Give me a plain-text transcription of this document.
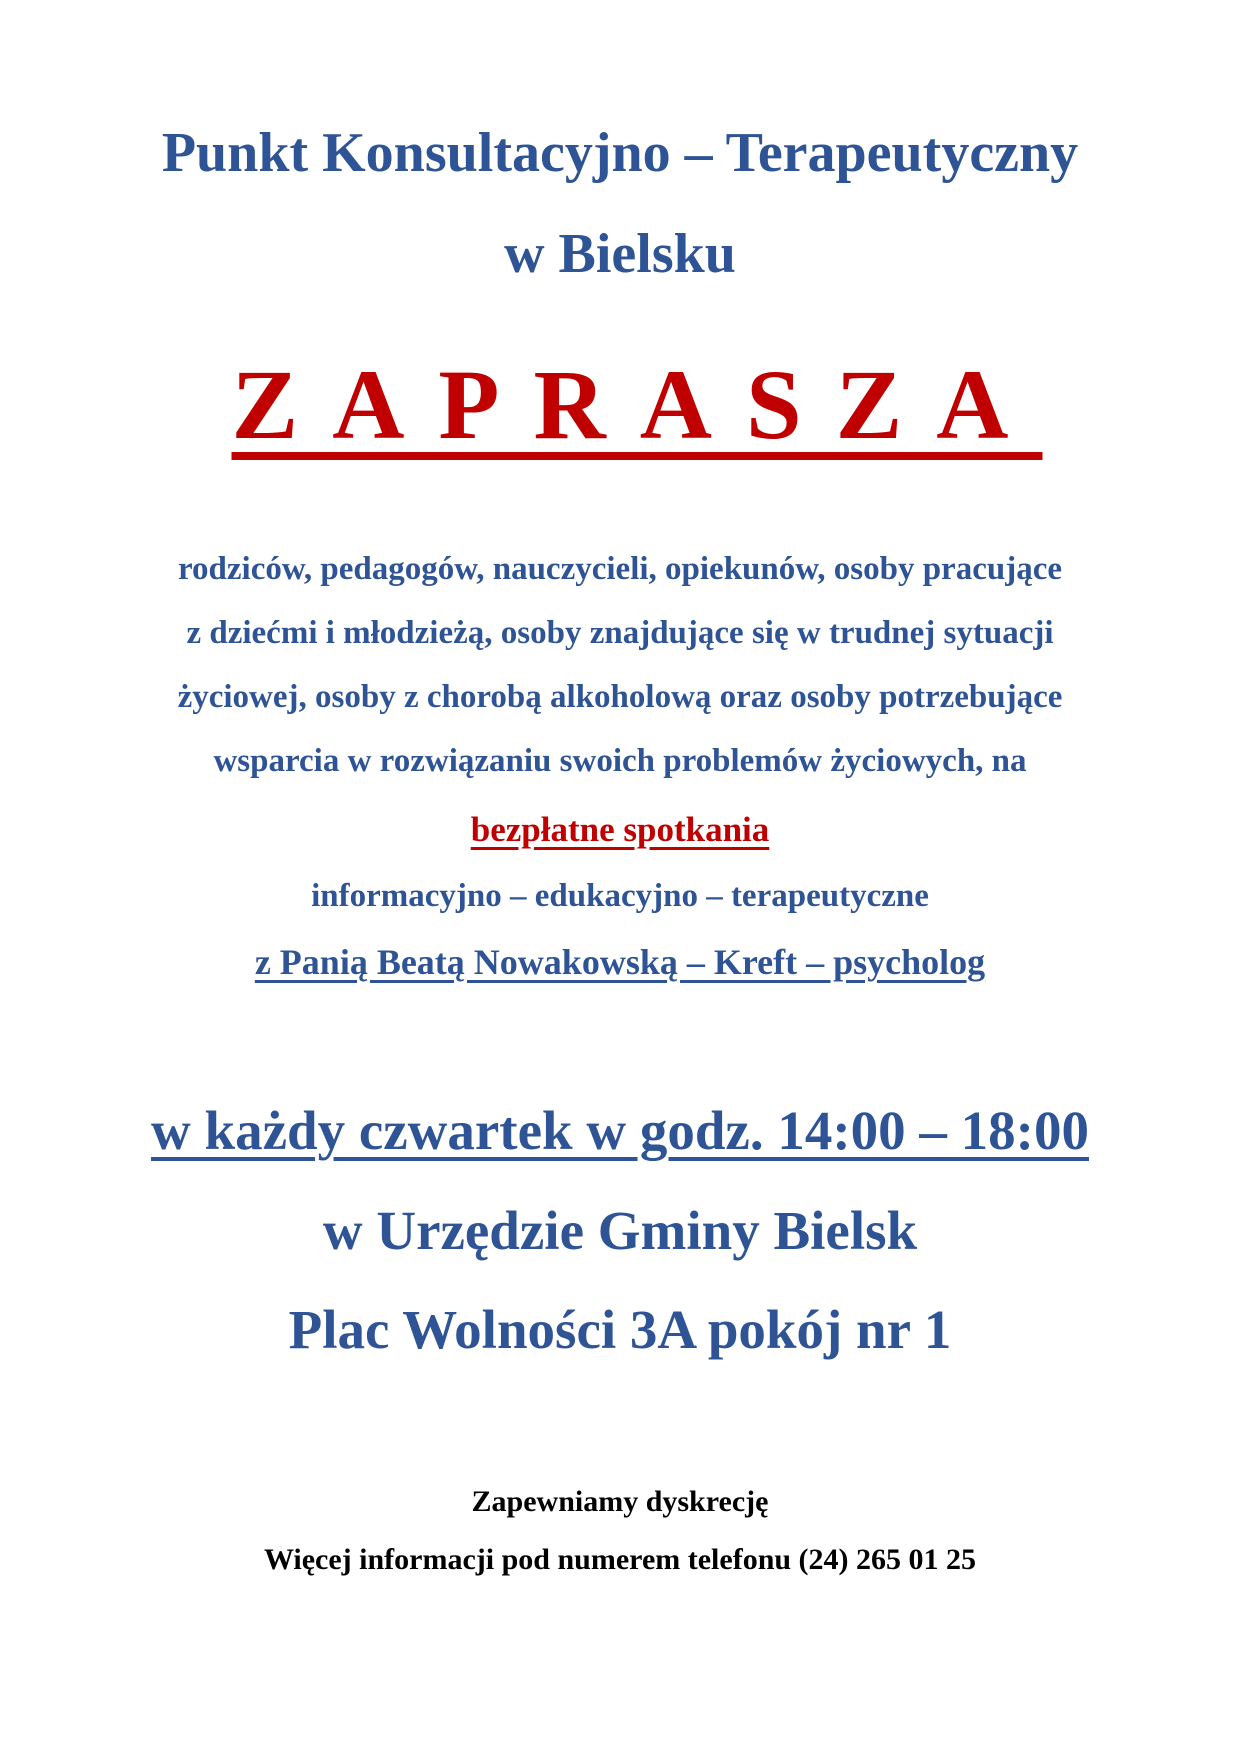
Punkt Konsultacyjno – Terapeutyczny
w Bielsku
ZAPRASZA
rodziców, pedagogów, nauczycieli, opiekunów, osoby pracujące
z dziećmi i młodzieżą, osoby znajdujące się w trudnej sytuacji
życiowej, osoby z chorobą alkoholową oraz osoby potrzebujące
wsparcia w rozwiązaniu swoich problemów życiowych, na
bezpłatne spotkania
informacyjno – edukacyjno – terapeutyczne
z Panią Beatą Nowakowską – Kreft – psycholog
w każdy czwartek w godz. 14:00 – 18:00
w Urzędzie Gminy Bielsk
Plac Wolności 3A pokój nr 1
Zapewniamy dyskrecję
Więcej informacji pod numerem telefonu (24) 265 01 25
